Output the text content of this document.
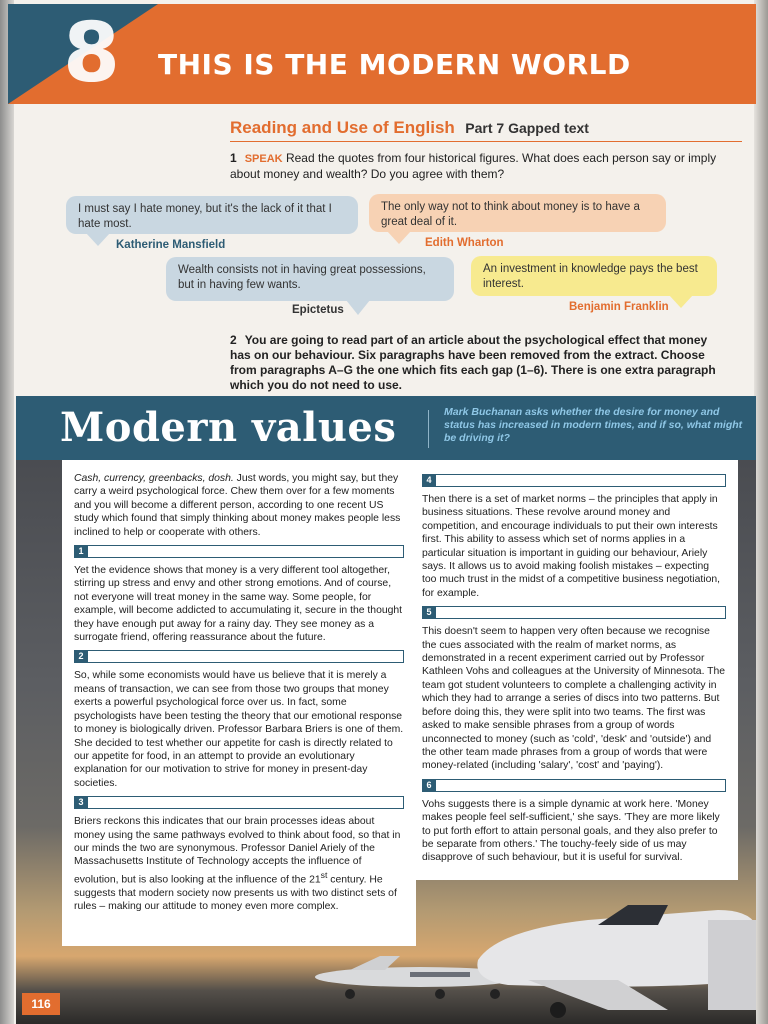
8 THIS IS THE MODERN WORLD
Reading and Use of English Part 7 Gapped text
1 SPEAK Read the quotes from four historical figures. What does each person say or imply about money and wealth? Do you agree with them?
I must say I hate money, but it's the lack of it that I hate most.
Katherine Mansfield
The only way not to think about money is to have a great deal of it.
Edith Wharton
Wealth consists not in having great possessions, but in having few wants.
Epictetus
An investment in knowledge pays the best interest.
Benjamin Franklin
2 You are going to read part of an article about the psychological effect that money has on our behaviour. Six paragraphs have been removed from the extract. Choose from paragraphs A–G the one which fits each gap (1–6). There is one extra paragraph which you do not need to use.
Modern values	Mark Buchanan asks whether the desire for money and status has increased in modern times, and if so, what might be driving it?

Cash, currency, greenbacks, dosh. Just words, you might say, but they carry a weird psychological force. Chew them over for a few moments and you will become a different person, according to one recent US study which found that simply thinking about money makes people less inclined to help or cooperate with others.

1

Yet the evidence shows that money is a very different tool altogether, stirring up stress and envy and other strong emotions. And of course, not everyone will treat money in the same way. Some people, for example, will become addicted to accumulating it, secure in the thought they have enough put away for a rainy day. They see money as a surrogate friend, offering reassurance about the future.

2

So, while some economists would have us believe that it is merely a means of transaction, we can see from those two groups that money exerts a powerful psychological force over us. In fact, some psychologists have been testing the theory that our emotional response to money is biologically driven. Professor Barbara Briers is one of them. She decided to test whether our appetite for cash is directly related to our appetite for food, in an attempt to provide an evolutionary explanation for our motivation to strive for money in present-day societies.

3

Briers reckons this indicates that our brain processes ideas about money using the same pathways evolved to think about food, so that in our minds the two are synonymous. Professor Daniel Ariely of the Massachusetts Institute of Technology accepts the influence of evolution, but is also looking at the influence of the 21st century. He suggests that modern society now presents us with two distinct sets of rules – making our attitude to money even more complex.

4

Then there is a set of market norms – the principles that apply in business situations. These revolve around money and competition, and encourage individuals to put their own interests first. This ability to assess which set of norms applies in a particular situation is important in guiding our behaviour, Ariely says. It allows us to avoid making foolish mistakes – expecting too much trust in the midst of a competitive business negotiation, for example.

5

This doesn't seem to happen very often because we recognise the cues associated with the realm of market norms, as demonstrated in a recent experiment carried out by Professor Kathleen Vohs and colleagues at the University of Minnesota. The team got student volunteers to complete a challenging activity in which they had to arrange a series of discs into two patterns. But before doing this, they were split into two teams. The first was asked to make sensible phrases from a group of words unconnected to money (such as 'cold', 'desk' and 'outside') and the other team made phrases from a group of words that were money-related (including 'salary', 'cost' and 'paying').

6

Vohs suggests there is a simple dynamic at work here. 'Money makes people feel self-sufficient,' she says. 'They are more likely to put forth effort to attain personal goals, and they also prefer to be separate from others.' The touchy-feely side of us may disapprove of such behaviour, but it is useful for survival.

116
